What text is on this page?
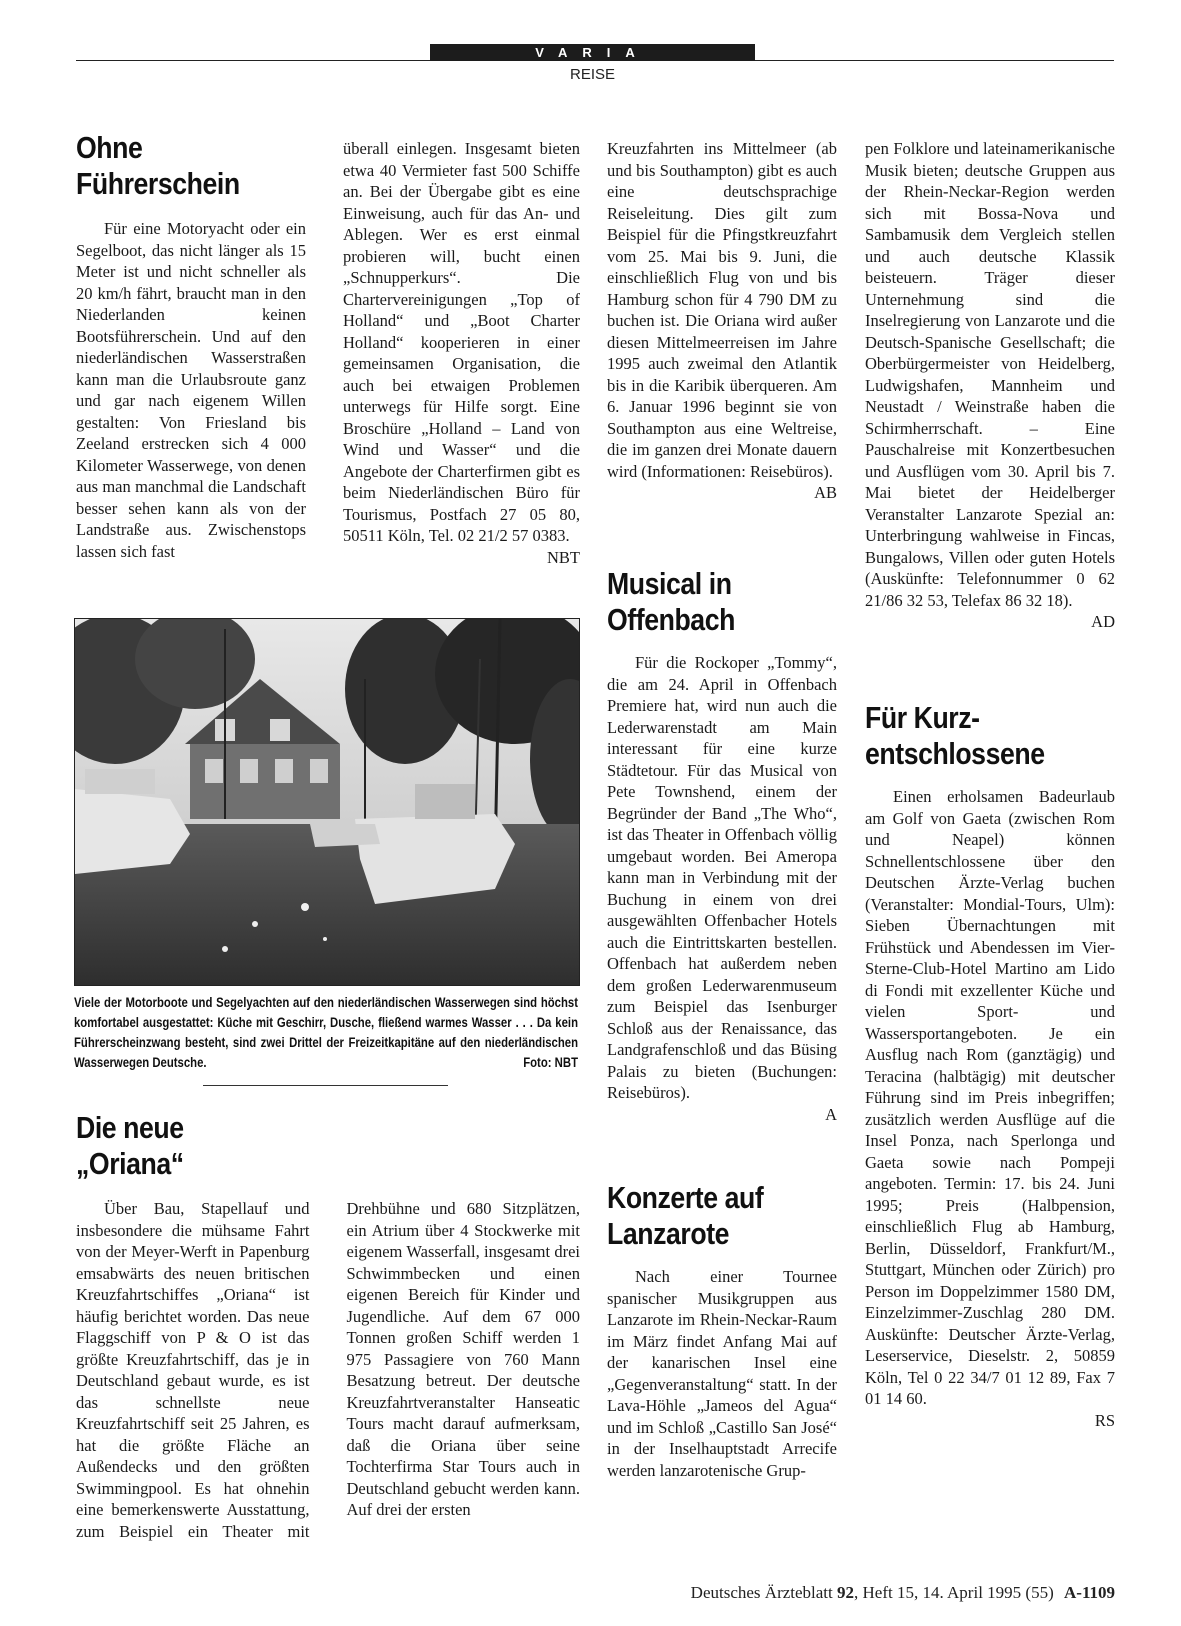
VARIA
REISE
Ohne
Führerschein

Für eine Motoryacht oder ein Segelboot, das nicht länger als 15 Meter ist und nicht schneller als 20 km/h fährt, braucht man in den Niederlanden keinen Bootsführerschein. Und auf den niederländischen Wasserstraßen kann man die Urlaubsroute ganz und gar nach eigenem Willen gestalten: Von Friesland bis Zeeland erstrecken sich 4 000 Kilometer Wasserwege, von denen aus man manchmal die Landschaft besser sehen kann als von der Landstraße aus. Zwischenstops lassen sich fast

überall einlegen. Insgesamt bieten etwa 40 Vermieter fast 500 Schiffe an. Bei der Übergabe gibt es eine Einweisung, auch für das An- und Ablegen. Wer es erst einmal probieren will, bucht einen „Schnupperkurs“. Die Chartervereinigungen „Top of Holland“ und „Boot Charter Holland“ kooperieren in einer gemeinsamen Organisation, die auch bei etwaigen Problemen unterwegs für Hilfe sorgt. Eine Broschüre „Holland – Land von Wind und Wasser“ und die Angebote der Charterfirmen gibt es beim Niederländischen Büro für Tourismus, Postfach 27 05 80, 50511 Köln, Tel. 02 21/2 57 0383.
NBT

Viele der Motorboote und Segelyachten auf den niederländischen Wasserwegen sind höchst komfortabel ausgestattet: Küche mit Geschirr, Dusche, fließend warmes Wasser . . . Da kein Führerscheinzwang besteht, sind zwei Drittel der Freizeitkapitäne auf den niederländischen Wasserwegen Deutsche.	Foto: NBT
Die neue
„Oriana“

Über Bau, Stapellauf und insbesondere die mühsame Fahrt von der Meyer-Werft in Papenburg emsabwärts des neuen britischen Kreuzfahrtschiffes „Oriana“ ist häufig berichtet worden. Das neue Flaggschiff von P & O ist das größte Kreuzfahrtschiff, das je in Deutschland gebaut wurde, es ist das schnellste neue Kreuzfahrtschiff seit 25 Jahren, es hat die größte Fläche an Außendecks und den größten Swimmingpool. Es hat ohnehin eine bemerkenswerte Ausstattung, zum Beispiel ein Theater mit Drehbühne und 680 Sitzplätzen, ein Atrium über 4 Stockwerke mit eigenem Wasserfall, insgesamt drei Schwimmbecken und einen eigenen Bereich für Kinder und Jugendliche. Auf dem 67 000 Tonnen großen Schiff werden 1 975 Passagiere von 760 Mann Besatzung betreut. Der deutsche Kreuzfahrtveranstalter Hanseatic Tours macht darauf aufmerksam, daß die Oriana über seine Tochterfirma Star Tours auch in Deutschland gebucht werden kann. Auf drei der ersten

Kreuzfahrten ins Mittelmeer (ab und bis Southampton) gibt es auch eine deutschsprachige Reiseleitung. Dies gilt zum Beispiel für die Pfingstkreuzfahrt vom 25. Mai bis 9. Juni, die einschließlich Flug von und bis Hamburg schon für 4 790 DM zu buchen ist. Die Oriana wird außer diesen Mittelmeerreisen im Jahre 1995 auch zweimal den Atlantik bis in die Karibik überqueren. Am 6. Januar 1996 beginnt sie von Southampton aus eine Weltreise, die im ganzen drei Monate dauern wird (Informationen: Reisebüros).

AB
Musical in
Offenbach

Für die Rockoper „Tommy“, die am 24. April in Offenbach Premiere hat, wird nun auch die Lederwarenstadt am Main interessant für eine kurze Städtetour. Für das Musical von Pete Townshend, einem der Begründer der Band „The Who“, ist das Theater in Offenbach völlig umgebaut worden. Bei Ameropa kann man in Verbindung mit der Buchung in einem von drei ausgewählten Offenbacher Hotels auch die Eintrittskarten bestellen. Offenbach hat außerdem neben dem großen Lederwarenmuseum zum Beispiel das Isenburger Schloß aus der Renaissance, das Landgrafenschloß und das Büsing Palais zu bieten (Buchungen: Reisebüros).

A
Konzerte auf
Lanzarote

Nach einer Tournee spanischer Musikgruppen aus Lanzarote im Rhein-Neckar-Raum im März findet Anfang Mai auf der kanarischen Insel eine „Gegenveranstaltung“ statt. In der Lava-Höhle „Jameos del Agua“ und im Schloß „Castillo San José“ in der Inselhauptstadt Arrecife werden lanzarotenische Grup-

pen Folklore und lateinamerikanische Musik bieten; deutsche Gruppen aus der Rhein-Neckar-Region werden sich mit Bossa-Nova und Sambamusik dem Vergleich stellen und auch deutsche Klassik beisteuern. Träger dieser Unternehmung sind die Inselregierung von Lanzarote und die Deutsch-Spanische Gesellschaft; die Oberbürgermeister von Heidelberg, Ludwigshafen, Mannheim und Neustadt / Weinstraße haben die Schirmherrschaft. – Eine Pauschalreise mit Konzertbesuchen und Ausflügen vom 30. April bis 7. Mai bietet der Heidelberger Veranstalter Lanzarote Spezial an: Unterbringung wahlweise in Fincas, Bungalows, Villen oder guten Hotels (Auskünfte: Telefonnummer 0 62 21/86 32 53, Telefax 86 32 18).

AD
Für Kurz-
entschlossene

Einen erholsamen Badeurlaub am Golf von Gaeta (zwischen Rom und Neapel) können Schnellentschlossene über den Deutschen Ärzte-Verlag buchen (Veranstalter: Mondial-Tours, Ulm): Sieben Übernachtungen mit Frühstück und Abendessen im Vier-Sterne-Club-Hotel Martino am Lido di Fondi mit exzellenter Küche und vielen Sport- und Wassersportangeboten. Je ein Ausflug nach Rom (ganztägig) und Teracina (halbtägig) mit deutscher Führung sind im Preis inbegriffen; zusätzlich werden Ausflüge auf die Insel Ponza, nach Sperlonga und Gaeta sowie nach Pompeji angeboten. Termin: 17. bis 24. Juni 1995; Preis (Halbpension, einschließlich Flug ab Hamburg, Berlin, Düsseldorf, Frankfurt/M., Stuttgart, München oder Zürich) pro Person im Doppelzimmer 1580 DM, Einzelzimmer-Zuschlag 280 DM. Auskünfte: Deutscher Ärzte-Verlag, Leserservice, Dieselstr. 2, 50859 Köln, Tel 0 22 34/7 01 12 89, Fax 7 01 14 60.

RS
Deutsches Ärzteblatt 92, Heft 15, 14. April 1995 (55) A-1109
